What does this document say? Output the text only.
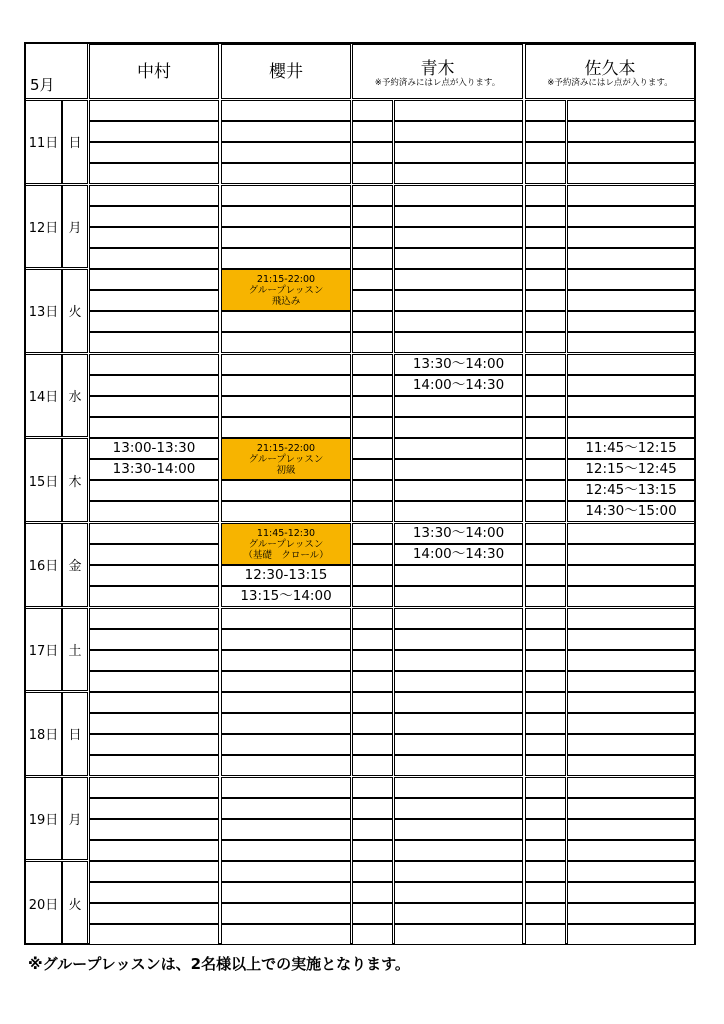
5月
中村	櫻井	青木
※予約済みにはレ点が入ります。
佐久本
※予約済みにはレ点が入ります。
11日 日
12日 月
13日 火
21:15-22:00
グループレッスン
飛込み
14日 水
13:30～14:00
14:00～14:30
15日 木
13:00-13:30
13:30-14:00
21:15-22:00
グループレッスン
初級
11:45～12:15
12:15～12:45
12:45～13:15
14:30～15:00
16日 金
11:45-12:30
グループレッスン
（基礎　クロール）
12:30-13:15
13:15～14:00
13:30～14:00
14:00～14:30
17日 土
18日 日
19日 月
20日 火
※グループレッスンは、2名様以上での実施となります。
